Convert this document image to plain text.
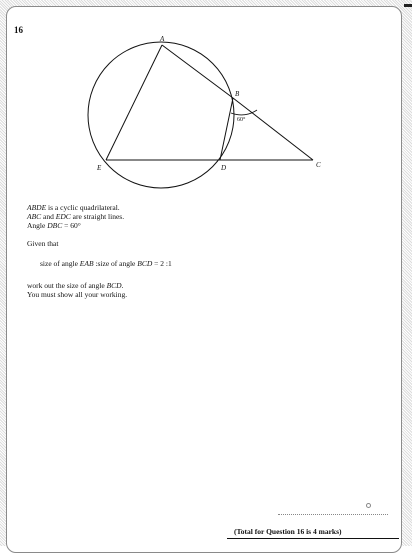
16
A
B
C
D
E
60°
ABDE is a cyclic quadrilateral.
ABC and EDC are straight lines.
Angle DBC = 60°
Given that
size of angle EAB :size of angle BCD = 2 :1
work out the size of angle BCD.
You must show all your working.
(Total for Question 16 is 4 marks)
